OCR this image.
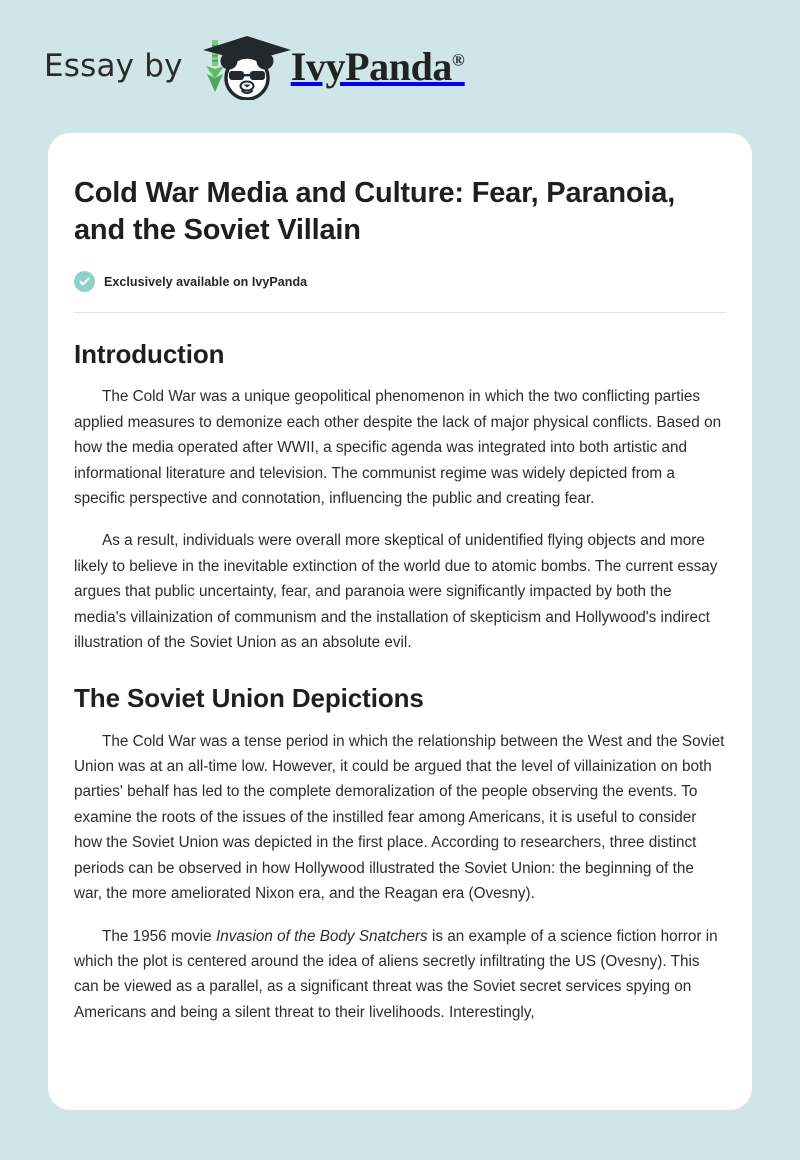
Essay by	IvyPanda®
Cold War Media and Culture: Fear, Paranoia, and the Soviet Villain
Exclusively available on IvyPanda
Introduction

The Cold War was a unique geopolitical phenomenon in which the two conflicting parties applied measures to demonize each other despite the lack of major physical conflicts. Based on how the media operated after WWII, a specific agenda was integrated into both artistic and informational literature and television. The communist regime was widely depicted from a specific perspective and connotation, influencing the public and creating fear.

As a result, individuals were overall more skeptical of unidentified flying objects and more likely to believe in the inevitable extinction of the world due to atomic bombs. The current essay argues that public uncertainty, fear, and paranoia were significantly impacted by both the media's villainization of communism and the installation of skepticism and Hollywood's indirect illustration of the Soviet Union as an absolute evil.

The Soviet Union Depictions

The Cold War was a tense period in which the relationship between the West and the Soviet Union was at an all-time low. However, it could be argued that the level of villainization on both parties' behalf has led to the complete demoralization of the people observing the events. To examine the roots of the issues of the instilled fear among Americans, it is useful to consider how the Soviet Union was depicted in the first place. According to researchers, three distinct periods can be observed in how Hollywood illustrated the Soviet Union: the beginning of the war, the more ameliorated Nixon era, and the Reagan era (Ovesny).

The 1956 movie Invasion of the Body Snatchers is an example of a science fiction horror in which the plot is centered around the idea of aliens secretly infiltrating the US (Ovesny). This can be viewed as a parallel, as a significant threat was the Soviet secret services spying on Americans and being a silent threat to their livelihoods. Interestingly,
